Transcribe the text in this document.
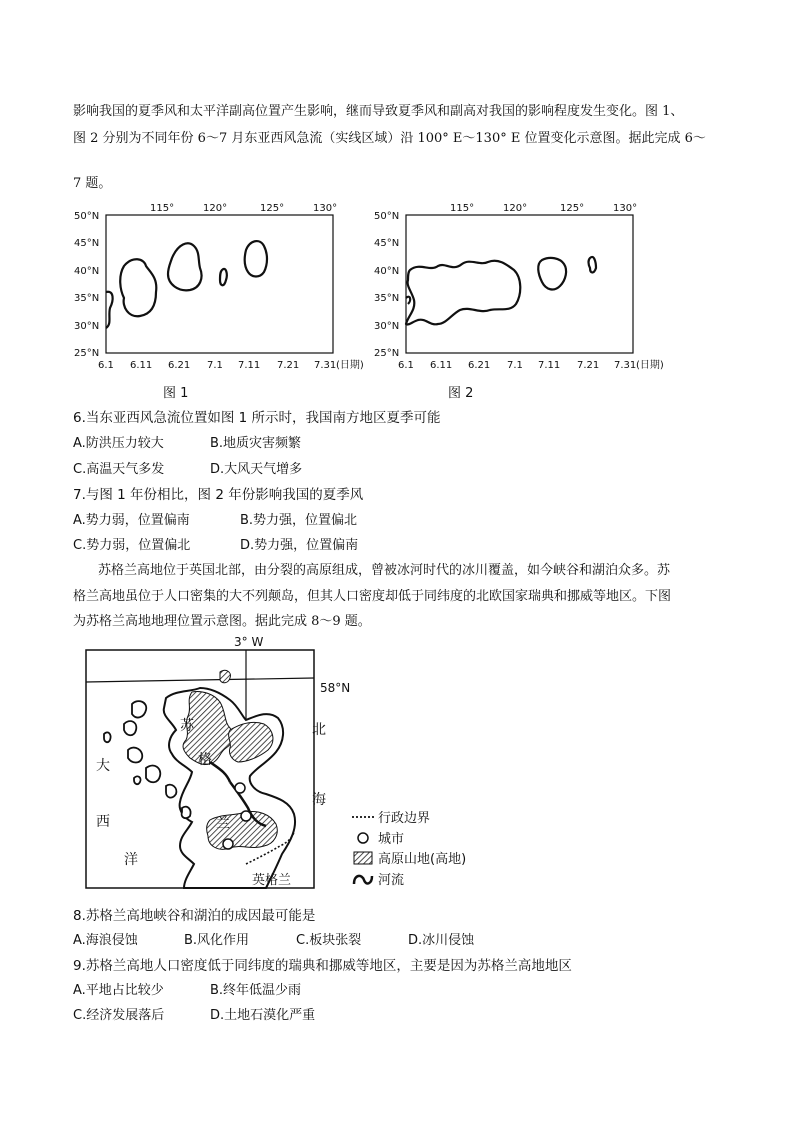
影响我国的夏季风和太平洋副高位置产生影响，继而导致夏季风和副高对我国的影响程度发生变化。图 1、
图 2 分别为不同年份 6～7 月东亚西风急流（实线区域）沿 100° E～130° E 位置变化示意图。据此完成 6～
7 题。
115°	120°	125°	130°
50°N
45°N
40°N
35°N
30°N
25°N
6.1 6.11 6.21 7.1 7.11 7.21 7.31 (日期)
图 1
115°	120°	125°	130°
50°N
45°N
40°N
35°N
30°N
25°N
6.1 6.11 6.21 7.1 7.11 7.21 7.31 (日期)
图 2
6.当东亚西风急流位置如图 1 所示时，我国南方地区夏季可能
A.防洪压力较大	B.地质灾害频繁
C.高温天气多发	D.大风天气增多
7.与图 1 年份相比，图 2 年份影响我国的夏季风
A.势力弱，位置偏南	B.势力强，位置偏北
C.势力弱，位置偏北	D.势力强，位置偏南
苏格兰高地位于英国北部，由分裂的高原组成，曾被冰河时代的冰川覆盖，如今峡谷和湖泊众多。苏
格兰高地虽位于人口密集的大不列颠岛，但其人口密度却低于同纬度的北欧国家瑞典和挪威等地区。下图
为苏格兰高地地理位置示意图。据此完成 8～9 题。
3° W
58°N
苏
格
兰
北
海
大
西
洋
英格兰
行政边界
城市
高原山地(高地)
河流
8.苏格兰高地峡谷和湖泊的成因最可能是
A.海浪侵蚀	B.风化作用	C.板块张裂	D.冰川侵蚀
9.苏格兰高地人口密度低于同纬度的瑞典和挪威等地区，主要是因为苏格兰高地地区
A.平地占比较少	B.终年低温少雨
C.经济发展落后	D.土地石漠化严重
